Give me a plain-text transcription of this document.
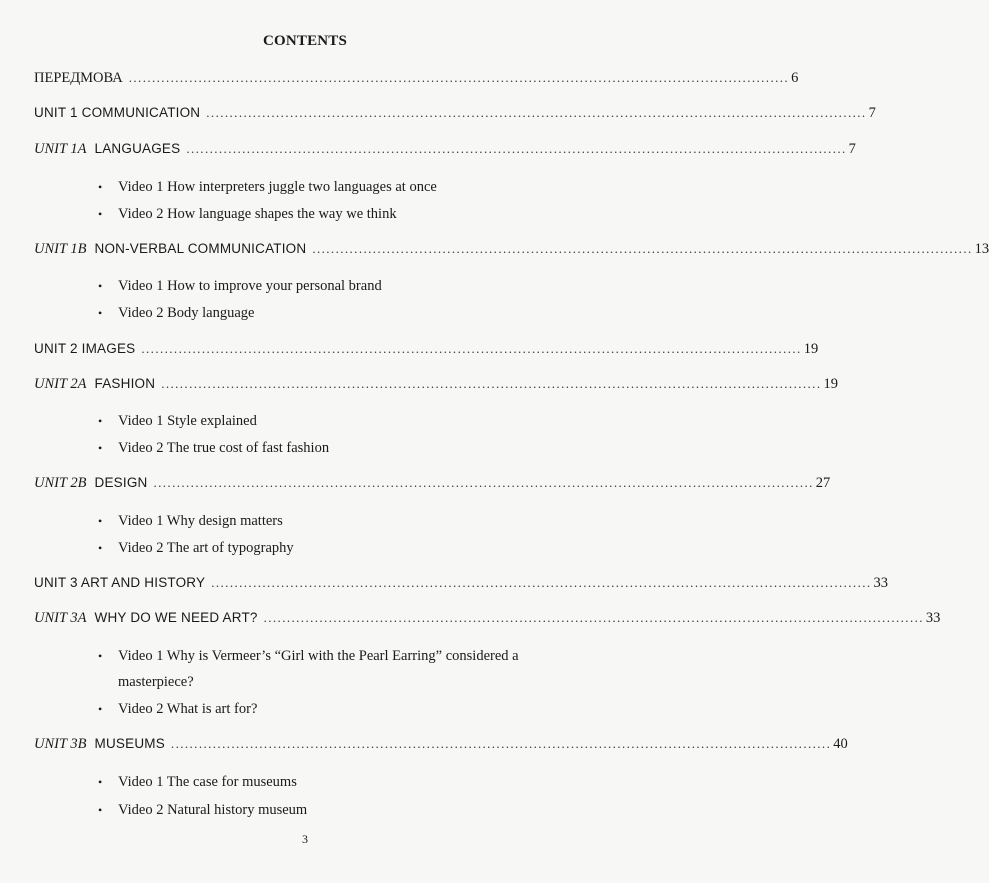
CONTENTS
ПЕРЕДМОВА .............................................................................................................................................. 6
UNIT 1 COMMUNICATION .............................................................................................................................................. 7
UNIT 1A LANGUAGES .............................................................................................................................................. 7
•	Video 1 How interpreters juggle two languages at once
•	Video 2 How language shapes the way we think
UNIT 1B NON-VERBAL COMMUNICATION .............................................................................................................................................. 13
•	Video 1 How to improve your personal brand
•	Video 2 Body language
UNIT 2 IMAGES .............................................................................................................................................. 19
UNIT 2A FASHION .............................................................................................................................................. 19
•	Video 1 Style explained
•	Video 2 The true cost of fast fashion
UNIT 2B DESIGN .............................................................................................................................................. 27
•	Video 1 Why design matters
•	Video 2 The art of typography
UNIT 3 ART AND HISTORY .............................................................................................................................................. 33
UNIT 3A WHY DO WE NEED ART? .............................................................................................................................................. 33
•	Video 1 Why is Vermeer’s “Girl with the Pearl Earring” considered a masterpiece?
•	Video 2 What is art for?
UNIT 3B MUSEUMS .............................................................................................................................................. 40
•	Video 1 The case for museums
•	Video 2 Natural history museum
3
